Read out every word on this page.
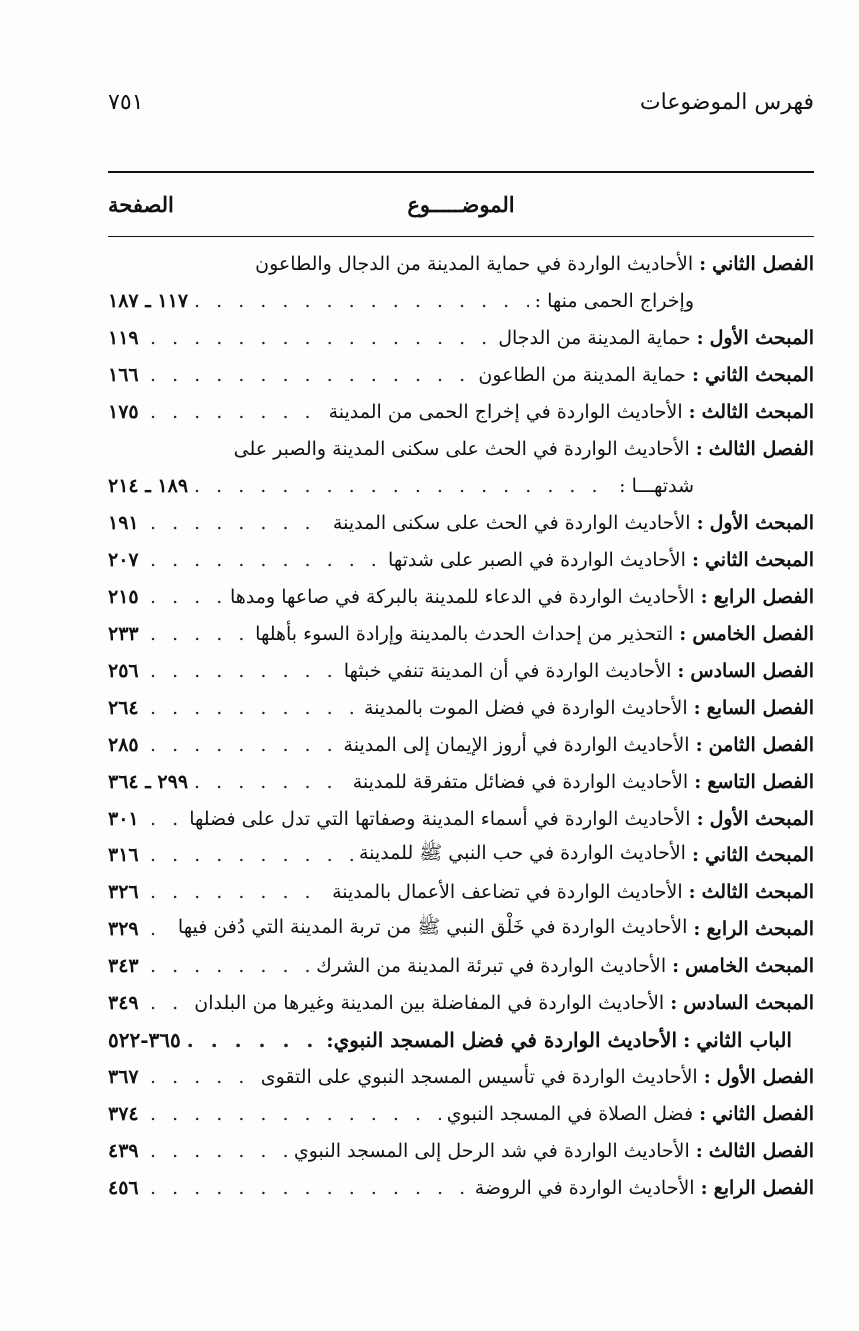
فهرس الموضوعات
٧٥١
الموضـــــوع
الصفحة
الفصل الثاني
:
الأحاديث الواردة في حماية المدينة من الدجال والطاعون
وإخراج الحمى منها :
. . .
١١٧ ـ ١٨٧
المبحث الأول
:
حماية المدينة من الدجال
. . .
١١٩
المبحث الثاني
:
حماية المدينة من الطاعون
. . .
١٦٦
المبحث الثالث
:
الأحاديث الواردة في إخراج الحمى من المدينة
. . .
١٧٥
الفصل الثالث
:
الأحاديث الواردة في الحث على سكنى المدينة والصبر على
شدتهـــا :
. . .
١٨٩ ـ ٢١٤
المبحث الأول
:
الأحاديث الواردة في الحث على سكنى المدينة
. . .
١٩١
المبحث الثاني
:
الأحاديث الواردة في الصبر على شدتها
. . .
٢٠٧
الفصل الرابع
:
الأحاديث الواردة في الدعاء للمدينة بالبركة في صاعها ومدها
. . .
٢١٥
الفصل الخامس
:
التحذير من إحداث الحدث بالمدينة وإرادة السوء بأهلها
. . .
٢٣٣
الفصل السادس
:
الأحاديث الواردة في أن المدينة تنفي خبثها
. . .
٢٥٦
الفصل السابع
:
الأحاديث الواردة في فضل الموت بالمدينة
. . .
٢٦٤
الفصل الثامن
:
الأحاديث الواردة في أروز الإيمان إلى المدينة
. . .
٢٨٥
الفصل التاسع
:
الأحاديث الواردة في فضائل متفرقة للمدينة
. . .
٢٩٩ ـ ٣٦٤
المبحث الأول
:
الأحاديث الواردة في أسماء المدينة وصفاتها التي تدل على فضلها
. . .
٣٠١
المبحث الثاني
:
الأحاديث الواردة في حب النبي ﷺ للمدينة
. . .
٣١٦
المبحث الثالث
:
الأحاديث الواردة في تضاعف الأعمال بالمدينة
. . .
٣٢٦
المبحث الرابع
:
الأحاديث الواردة في خَلْق النبي ﷺ من تربة المدينة التي دُفن فيها
. . .
٣٢٩
المبحث الخامس
:
الأحاديث الواردة في تبرئة المدينة من الشرك
. . .
٣٤٣
المبحث السادس
:
الأحاديث الواردة في المفاضلة بين المدينة وغيرها من البلدان
. . .
٣٤٩
الباب الثاني
:
الأحاديث الواردة في فضل المسجد النبوي:
. . .
٣٦٥-٥٢٢
الفصل الأول
:
الأحاديث الواردة في تأسيس المسجد النبوي على التقوى
. . .
٣٦٧
الفصل الثاني
:
فضل الصلاة في المسجد النبوي
. . .
٣٧٤
الفصل الثالث
:
الأحاديث الواردة في شد الرحل إلى المسجد النبوي
. . .
٤٣٩
الفصل الرابع
:
الأحاديث الواردة في الروضة
. . .
٤٥٦
